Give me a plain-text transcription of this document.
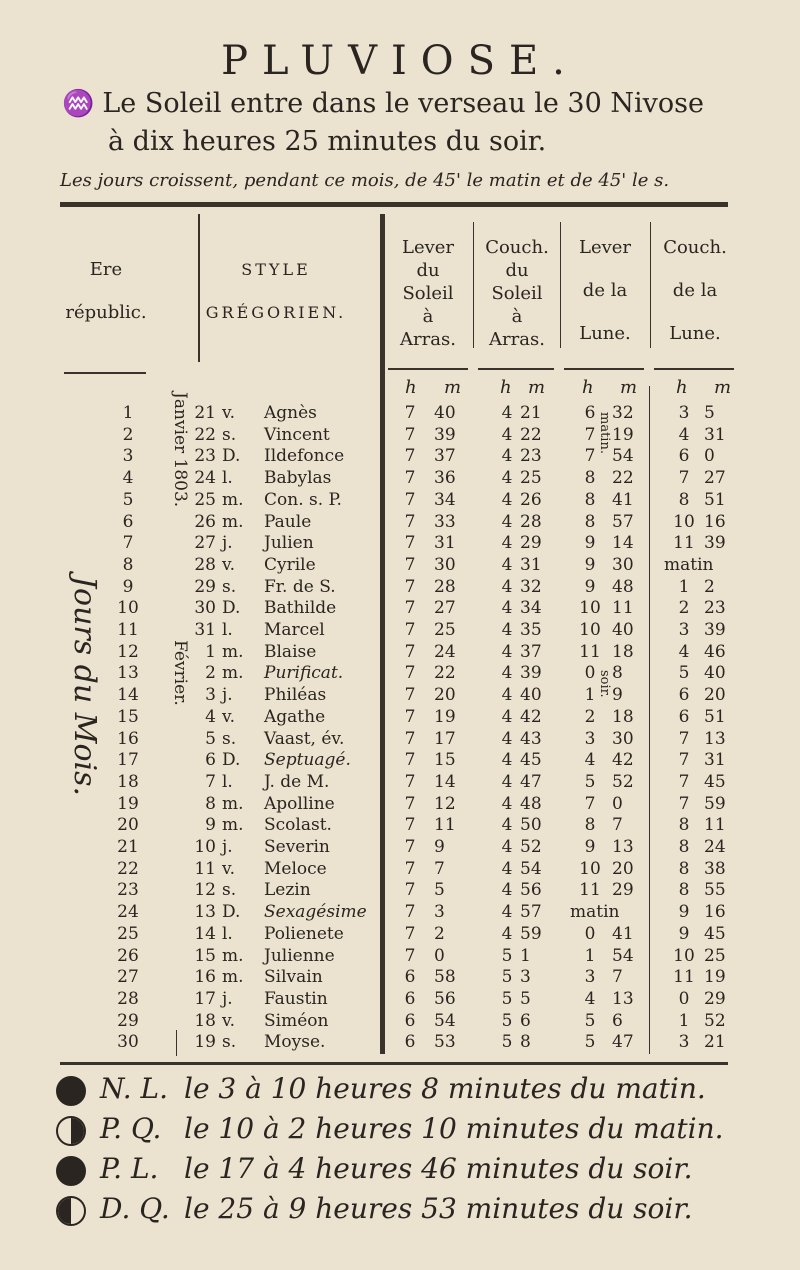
PLUVIOSE.
♒ Le Soleil entre dans le verseau le 30 Nivose
à dix heures 25 minutes du soir.
Les jours croissent, pendant ce mois, de 45' le matin et de 45' le s.
Ere
républic.
STYLE
GRÉGORIEN.
Lever
du
Soleil
à
Arras.
Couch.
du
Soleil
à
Arras.
Lever
de la
Lune.
Couch.
de la
Lune.
h m h m h m h m
Jours du Mois.
Janvier 1803.
Février.
matin.
soir.
1	21 v.	Agnès	7	40	4 21	6 32	3 5
2	22 s.	Vincent	7	39	4 22	7 19	4 31
3	23 D.	Ildefonce	7	37	4 23	7 54	6 0
4	24 l.	Babylas	7	36	4 25	8 22	7 27
5	25 m.	Con. s. P.	7	34	4 26	8 41	8 51
6	26 m.	Paule	7	33	4 28	8 57	10 16
7	27 j.	Julien	7	31	4 29	9 14	11 39
8	28 v.	Cyrile	7	30	4 31	9 30	matin
9	29 s.	Fr. de S.	7	28	4 32	9 48	1 2
10	30 D.	Bathilde	7	27	4 34	10 11	2 23
11	31 l.	Marcel	7	25	4 35	10 40	3 39
12	1 m.	Blaise	7	24	4 37	11 18	4 46
13	2 m.	Purificat.	7	22	4 39	0 8	5 40
14	3 j.	Philéas	7	20	4 40	1 9	6 20
15	4 v.	Agathe	7	19	4 42	2 18	6 51
16	5 s.	Vaast, év.	7	17	4 43	3 30	7 13
17	6 D.	Septuagé.	7	15	4 45	4 42	7 31
18	7 l.	J. de M.	7	14	4 47	5 52	7 45
19	8 m.	Apolline	7	12	4 48	7 0	7 59
20	9 m.	Scolast.	7	11	4 50	8 7	8 11
21	10 j.	Severin	7	9	4 52	9 13	8 24
22	11 v.	Meloce	7	7	4 54	10 20	8 38
23	12 s.	Lezin	7	5	4 56	11 29	8 55
24	13 D.	Sexagésime	7	3	4 57	matin	9 16
25	14 l.	Polienete	7	2	4 59	0 41	9 45
26	15 m.	Julienne	7	0	5 1	1 54	10 25
27	16 m.	Silvain	6	58	5 3	3 7	11 19
28	17 j.	Faustin	6	56	5 5	4 13	0 29
29	18 v.	Siméon	6	54	5 6	5 6	1 52
30	19 s.	Moyse.	6	53	5 8	5 47	3 21
N. L. le 3 à 10 heures 8 minutes du matin.
P. Q. le 10 à 2 heures 10 minutes du matin.
P. L. le 17 à 4 heures 46 minutes du soir.
D. Q. le 25 à 9 heures 53 minutes du soir.
